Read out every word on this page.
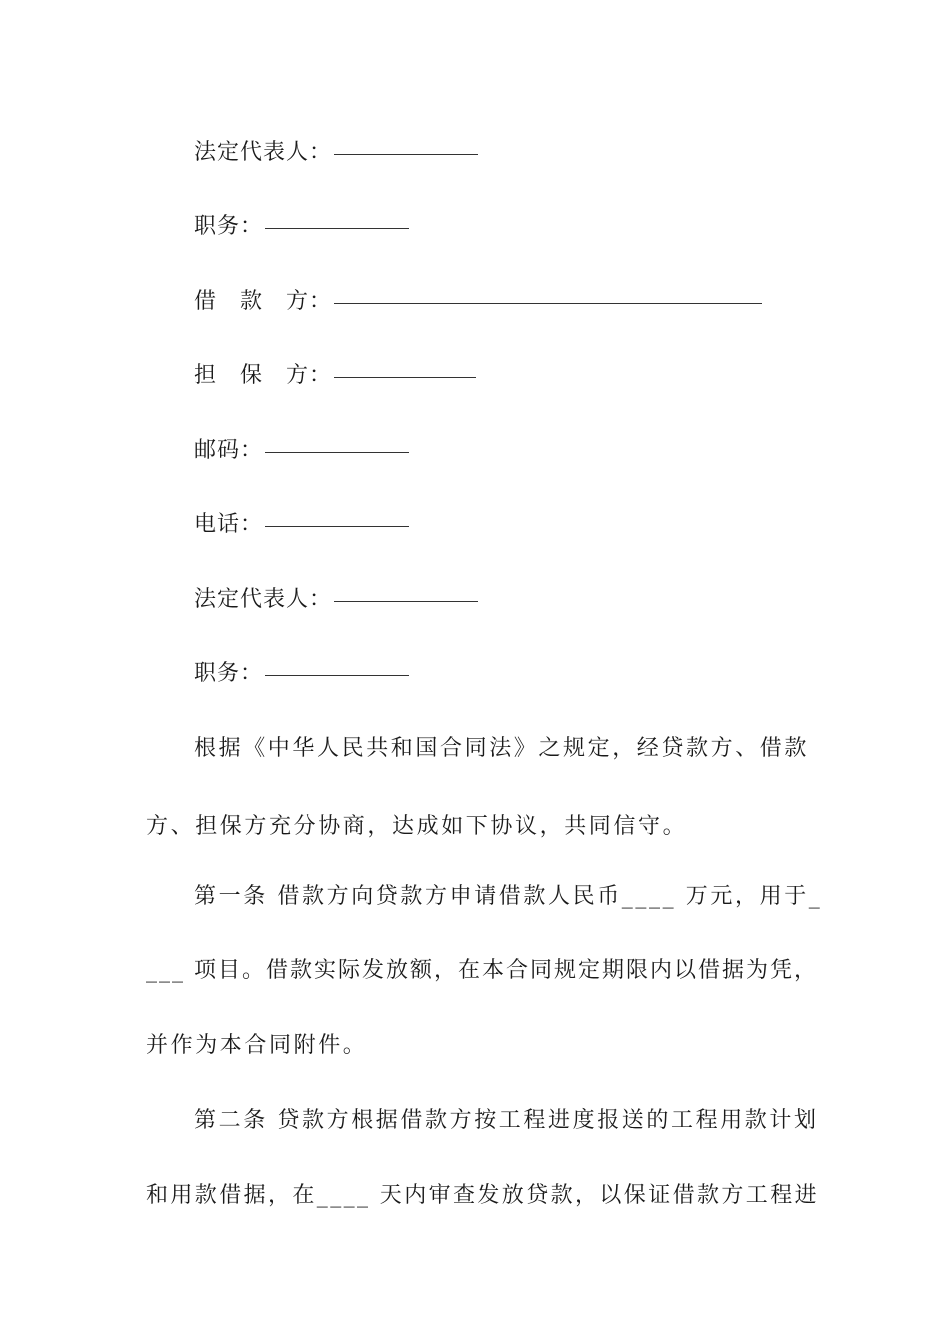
法定代表人：
职务：
借　款　方：
担　保　方：
邮码：
电话：
法定代表人：
职务：
根据《中华人民共和国合同法》之规定，经贷款方、借款
方、担保方充分协商，达成如下协议，共同信守。
第一条 借款方向贷款方申请借款人民币____ 万元，用于_
___ 项目。借款实际发放额，在本合同规定期限内以借据为凭，
并作为本合同附件。
第二条 贷款方根据借款方按工程进度报送的工程用款计划
和用款借据，在____ 天内审查发放贷款，以保证借款方工程进
